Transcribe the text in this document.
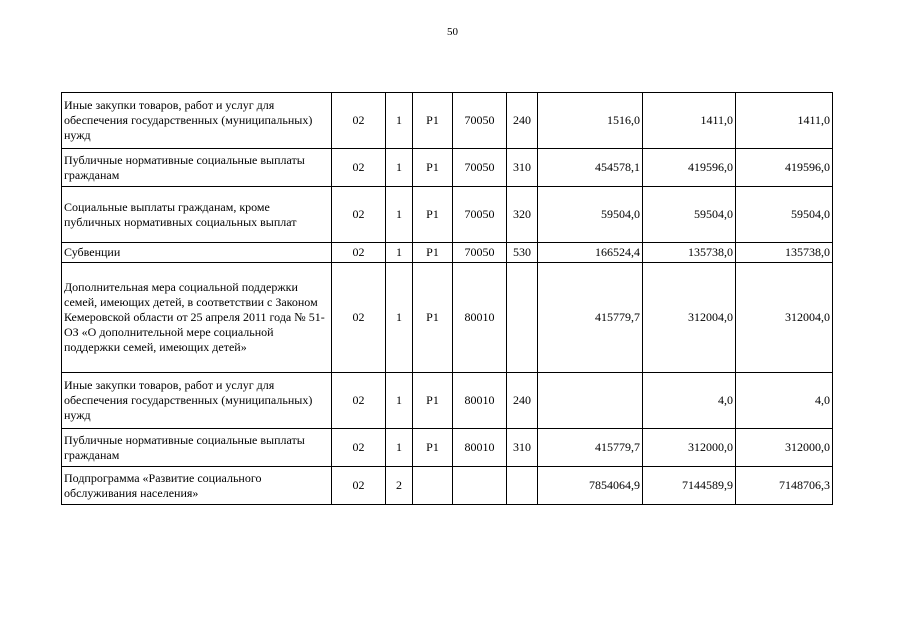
50
Иные закупки товаров, работ и услуг для обеспечения государственных (муниципальных) нужд	02	1	Р1	70050	240	1516,0	1411,0	1411,0
Публичные нормативные социальные выплаты гражданам	02	1	Р1	70050	310	454578,1	419596,0	419596,0
Социальные выплаты гражданам, кроме публичных нормативных социальных выплат	02	1	Р1	70050	320	59504,0	59504,0	59504,0
Субвенции	02	1	Р1	70050	530	166524,4	135738,0	135738,0
Дополнительная мера социальной поддержки семей, имеющих детей, в соответствии с Законом Кемеровской области от 25 апреля 2011 года № 51-ОЗ «О дополнительной мере социальной поддержки семей, имеющих детей»	02	1	Р1	80010		415779,7	312004,0	312004,0
Иные закупки товаров, работ и услуг для обеспечения государственных (муниципальных) нужд	02	1	Р1	80010	240		4,0	4,0
Публичные нормативные социальные выплаты гражданам	02	1	Р1	80010	310	415779,7	312000,0	312000,0
Подпрограмма «Развитие социального обслуживания населения»	02	2				7854064,9	7144589,9	7148706,3
